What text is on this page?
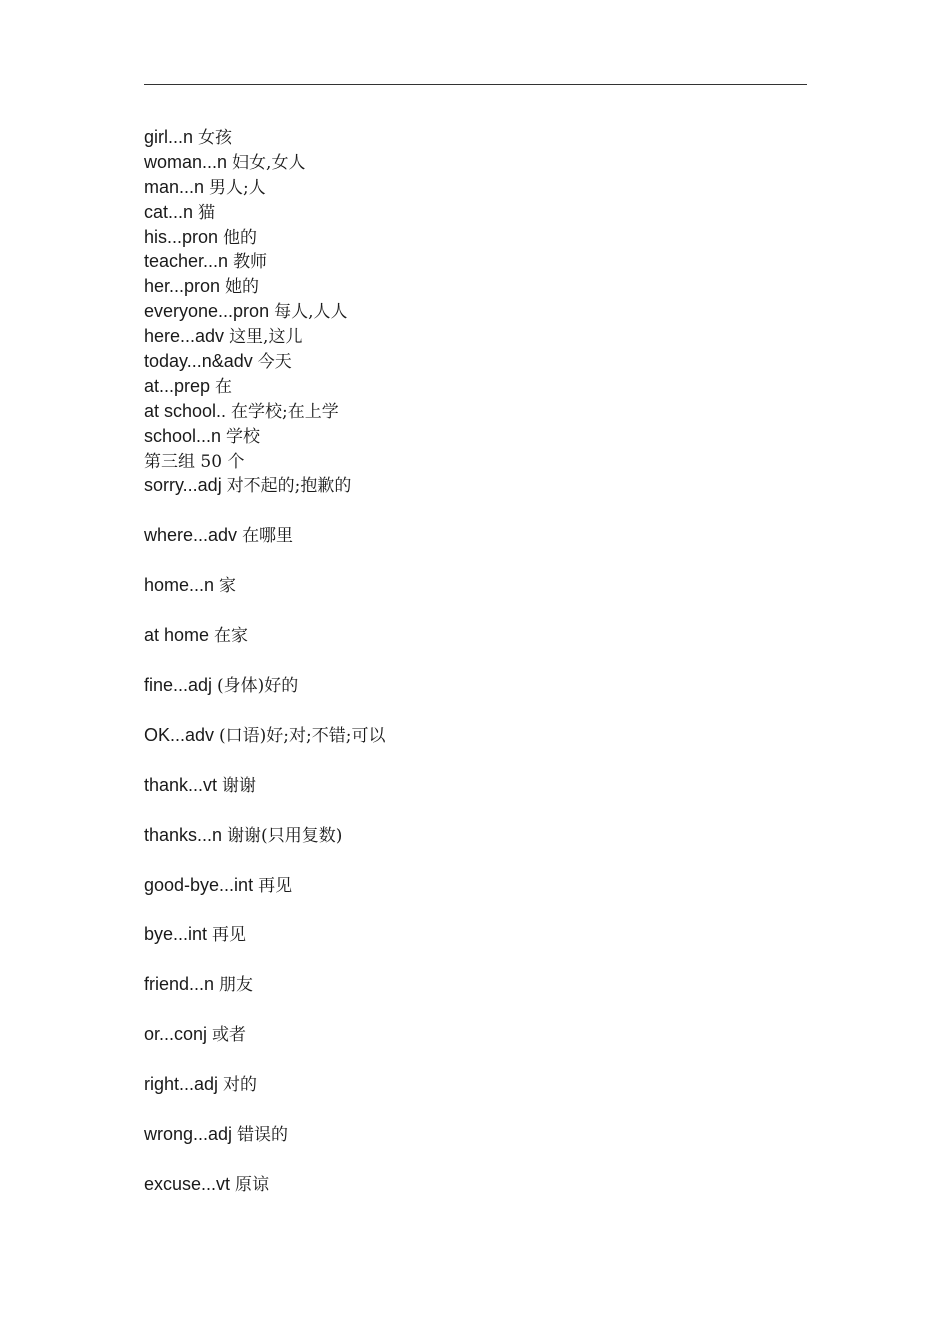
girl...n 女孩
woman...n 妇女,女人
man...n 男人;人
cat...n 猫
his...pron 他的
teacher...n 教师
her...pron 她的
everyone...pron 每人,人人
here...adv 这里,这儿
today...n&adv 今天
at...prep 在
at school.. 在学校;在上学
school...n 学校
第三组 50 个
sorry...adj 对不起的;抱歉的
where...adv 在哪里
home...n 家
at home 在家
fine...adj (身体)好的
OK...adv (口语)好;对;不错;可以
thank...vt 谢谢
thanks...n 谢谢(只用复数)
good-bye...int 再见
bye...int 再见
friend...n 朋友
or...conj 或者
right...adj 对的
wrong...adj 错误的
excuse...vt 原谅
